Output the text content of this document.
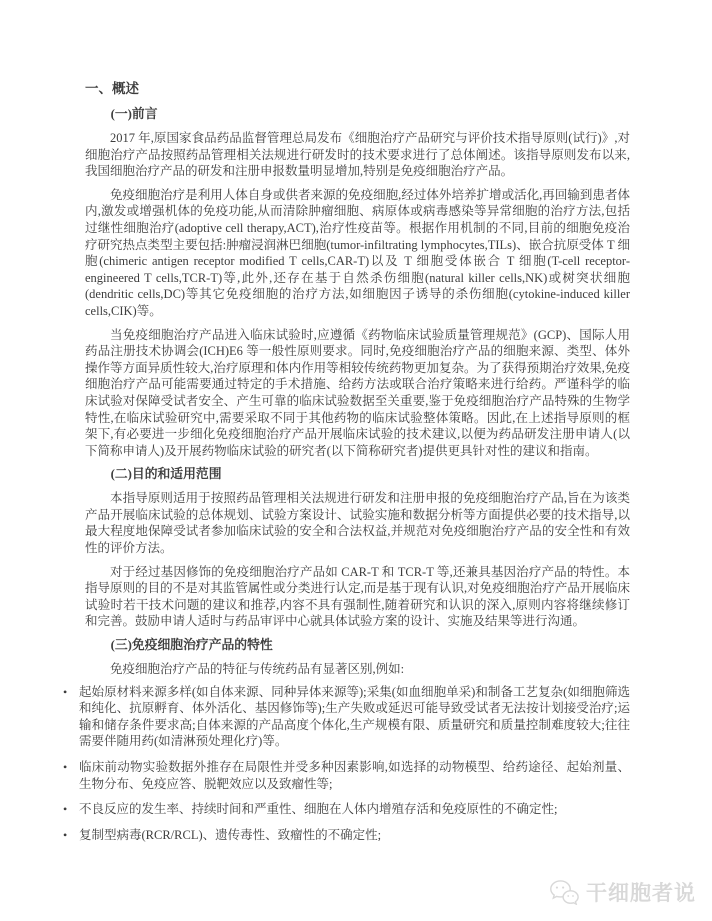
一、概述
(一)前言

2017 年,原国家食品药品监督管理总局发布《细胞治疗产品研究与评价技术指导原则(试行)》,对细胞治疗产品按照药品管理相关法规进行研发时的技术要求进行了总体阐述。该指导原则发布以来,我国细胞治疗产品的研发和注册申报数量明显增加,特别是免疫细胞治疗产品。

免疫细胞治疗是利用人体自身或供者来源的免疫细胞,经过体外培养扩增或活化,再回输到患者体内,激发或增强机体的免疫功能,从而清除肿瘤细胞、病原体或病毒感染等异常细胞的治疗方法,包括过继性细胞治疗(adoptive cell therapy,ACT),治疗性疫苗等。根据作用机制的不同,目前的细胞免疫治疗研究热点类型主要包括:肿瘤浸润淋巴细胞(tumor-infiltrating lymphocytes,TILs)、嵌合抗原受体 T 细胞(chimeric antigen receptor modified T cells,CAR-T)以及 T 细胞受体嵌合 T 细胞(T-cell receptor-engineered T cells,TCR-T)等,此外,还存在基于自然杀伤细胞(natural killer cells,NK)或树突状细胞(dendritic cells,DC)等其它免疫细胞的治疗方法,如细胞因子诱导的杀伤细胞(cytokine-induced killer cells,CIK)等。

当免疫细胞治疗产品进入临床试验时,应遵循《药物临床试验质量管理规范》(GCP)、国际人用药品注册技术协调会(ICH)E6 等一般性原则要求。同时,免疫细胞治疗产品的细胞来源、类型、体外操作等方面异质性较大,治疗原理和体内作用等相较传统药物更加复杂。为了获得预期治疗效果,免疫细胞治疗产品可能需要通过特定的手术措施、给药方法或联合治疗策略来进行给药。严谨科学的临床试验对保障受试者安全、产生可靠的临床试验数据至关重要,鉴于免疫细胞治疗产品特殊的生物学特性,在临床试验研究中,需要采取不同于其他药物的临床试验整体策略。因此,在上述指导原则的框架下,有必要进一步细化免疫细胞治疗产品开展临床试验的技术建议,以便为药品研发注册申请人(以下简称申请人)及开展药物临床试验的研究者(以下简称研究者)提供更具针对性的建议和指南。

(二)目的和适用范围

本指导原则适用于按照药品管理相关法规进行研发和注册申报的免疫细胞治疗产品,旨在为该类产品开展临床试验的总体规划、试验方案设计、试验实施和数据分析等方面提供必要的技术指导,以最大程度地保障受试者参加临床试验的安全和合法权益,并规范对免疫细胞治疗产品的安全性和有效性的评价方法。

对于经过基因修饰的免疫细胞治疗产品如 CAR-T 和 TCR-T 等,还兼具基因治疗产品的特性。本指导原则的目的不是对其监管属性或分类进行认定,而是基于现有认识,对免疫细胞治疗产品开展临床试验时若干技术问题的建议和推荐,内容不具有强制性,随着研究和认识的深入,原则内容将继续修订和完善。鼓励申请人适时与药品审评中心就具体试验方案的设计、实施及结果等进行沟通。

(三)免疫细胞治疗产品的特性

免疫细胞治疗产品的特征与传统药品有显著区别,例如:

• 起始原材料来源多样(如自体来源、同种异体来源等);采集(如血细胞单采)和制备工艺复杂(如细胞筛选和纯化、抗原孵育、体外活化、基因修饰等);生产失败或延迟可能导致受试者无法按计划接受治疗;运输和储存条件要求高;自体来源的产品高度个体化,生产规模有限、质量研究和质量控制难度较大;往往需要伴随用药(如清淋预处理化疗)等。
• 临床前动物实验数据外推存在局限性并受多种因素影响,如选择的动物模型、给药途径、起始剂量、生物分布、免疫应答、脱靶效应以及致瘤性等;
• 不良反应的发生率、持续时间和严重性、细胞在人体内增殖存活和免疫原性的不确定性;
• 复制型病毒(RCR/RCL)、遗传毒性、致瘤性的不确定性;
干细胞者说
